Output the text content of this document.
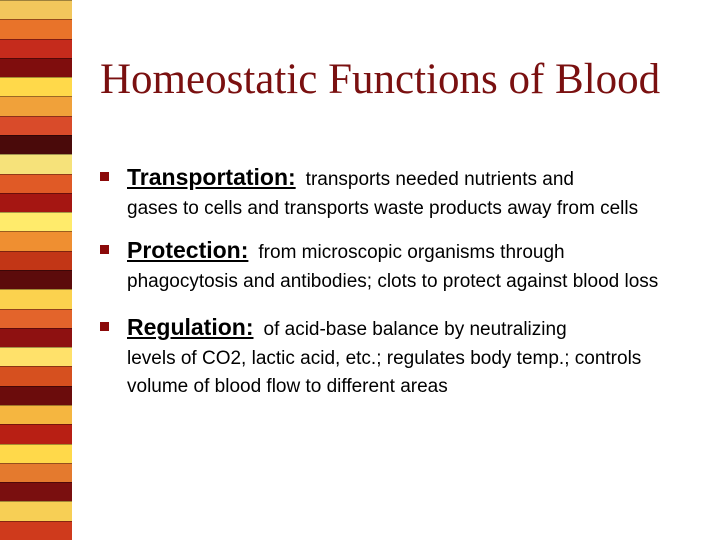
Homeostatic Functions of Blood
Transportation: transports needed nutrients and
gases to cells and transports waste products away from cells
Protection: from microscopic organisms through
phagocytosis and antibodies; clots to protect against blood loss
Regulation: of acid-base balance by neutralizing
levels of CO2, lactic acid, etc.; regulates body temp.; controls volume of blood flow to different areas
